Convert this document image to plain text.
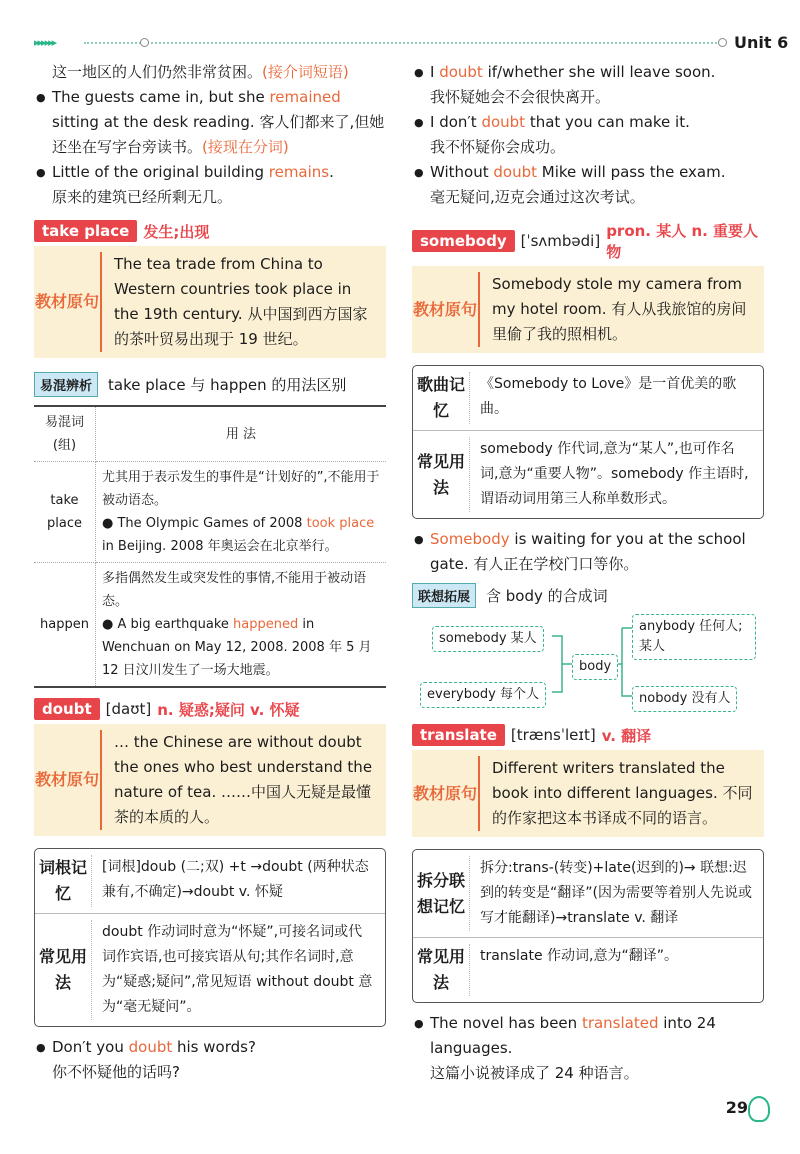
▸▸▸▸▸▸	Unit 6
这一地区的人们仍然非常贫困。(接介词短语)
● The guests came in, but she remained sitting at the desk reading. 客人们都来了,但她还坐在写字台旁读书。(接现在分词)
● Little of the original building remains.
原来的建筑已经所剩无几。
take place 发生;出现
教材原句
The tea trade from China to Western countries took place in the 19th century. 从中国到西方国家的茶叶贸易出现于 19 世纪。
易混辨析	take place 与 happen 的用法区别
易混词(组)	用 法
take place	尤其用于表示发生的事件是“计划好的”,不能用于被动语态。
● The Olympic Games of 2008 took place in Beijing. 2008 年奥运会在北京举行。

happen	多指偶然发生或突发性的事情,不能用于被动语态。
● A big earthquake happened in Wenchuan on May 12, 2008. 2008 年 5 月 12 日汶川发生了一场大地震。
doubt [daʊt] n. 疑惑;疑问 v. 怀疑
教材原句
… the Chinese are without doubt the ones who best understand the nature of tea. ……中国人无疑是最懂茶的本质的人。
词根记忆
[词根]doub (二;双) +t →doubt (两种状态兼有,不确定)→doubt v. 怀疑
常见用法
doubt 作动词时意为“怀疑”,可接名词或代词作宾语,也可接宾语从句;其作名词时,意为“疑惑;疑问”,常见短语 without doubt 意为“毫无疑问”。
● Don′t you doubt his words?
你不怀疑他的话吗?
● I doubt if/whether she will leave soon.
我怀疑她会不会很快离开。
● I don′t doubt that you can make it.
我不怀疑你会成功。
● Without doubt Mike will pass the exam.
毫无疑问,迈克会通过这次考试。
somebody [ˈsʌmbədi]
pron. 某人 n. 重要人物
教材原句
Somebody stole my camera from my hotel room. 有人从我旅馆的房间里偷了我的照相机。
歌曲记忆
《Somebody to Love》是一首优美的歌曲。
常见用法
somebody 作代词,意为“某人”,也可作名词,意为“重要人物”。somebody 作主语时,谓语动词用第三人称单数形式。
● Somebody is waiting for you at the school gate. 有人正在学校门口等你。
联想拓展	含 body 的合成词
somebody 某人
everybody 每个人
body
anybody 任何人;某人
nobody 没有人
translate [trænsˈleɪt] v. 翻译
教材原句
Different writers translated the book into different languages. 不同的作家把这本书译成不同的语言。
拆分联想记忆
拆分:trans-(转变)+late(迟到的)→ 联想:迟到的转变是“翻译”(因为需要等着别人先说或写才能翻译)→translate v. 翻译
常见用法
translate 作动词,意为“翻译”。
● The novel has been translated into 24 languages.
这篇小说被译成了 24 种语言。
29
